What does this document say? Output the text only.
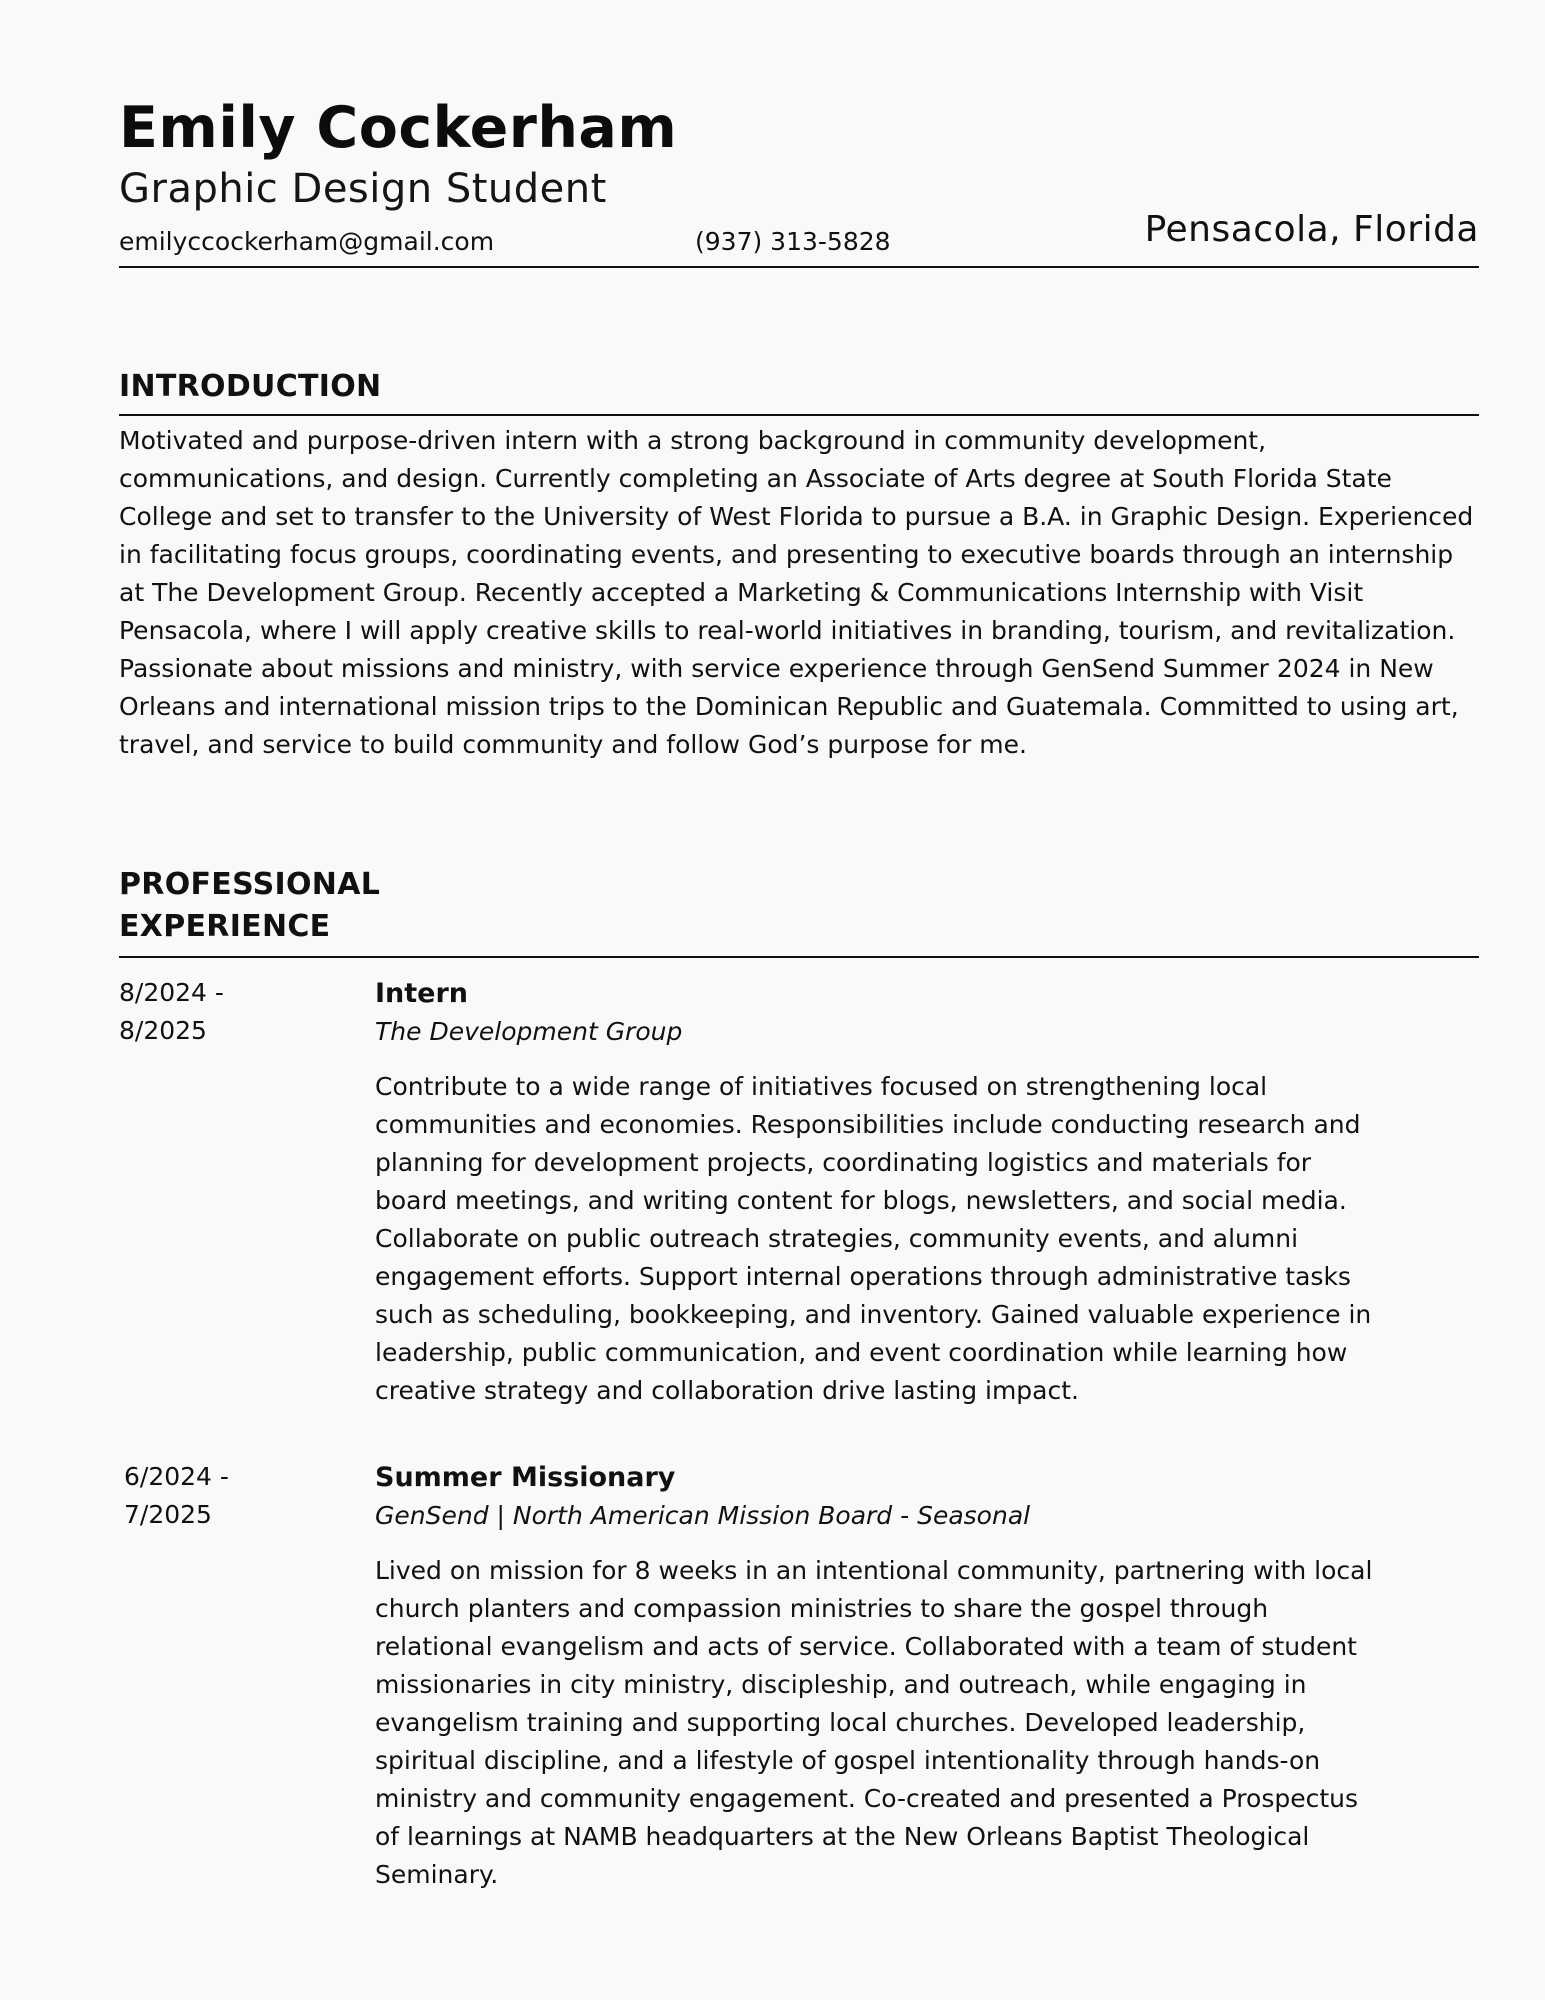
Emily Cockerham

Graphic Design Student

emilyccockerham@gmail.com	(937) 313-5828	Pensacola, Florida
INTRODUCTION

Motivated and purpose-driven intern with a strong background in community development, communications, and design. Currently completing an Associate of Arts degree at South Florida State College and set to transfer to the University of West Florida to pursue a B.A. in Graphic Design. Experienced in facilitating focus groups, coordinating events, and presenting to executive boards through an internship at The Development Group. Recently accepted a Marketing & Communications Internship with Visit Pensacola, where I will apply creative skills to real-world initiatives in branding, tourism, and revitalization. Passionate about missions and ministry, with service experience through GenSend Summer 2024 in New Orleans and international mission trips to the Dominican Republic and Guatemala. Committed to using art, travel, and service to build community and follow God’s purpose for me.

PROFESSIONAL
EXPERIENCE
8/2024 -
8/2025

Intern

The Development Group

Contribute to a wide range of initiatives focused on strengthening local communities and economies. Responsibilities include conducting research and planning for development projects, coordinating logistics and materials for board meetings, and writing content for blogs, newsletters, and social media. Collaborate on public outreach strategies, community events, and alumni engagement efforts. Support internal operations through administrative tasks such as scheduling, bookkeeping, and inventory. Gained valuable experience in leadership, public communication, and event coordination while learning how creative strategy and collaboration drive lasting impact.

6/2024 -
7/2025

Summer Missionary

GenSend | North American Mission Board - Seasonal

Lived on mission for 8 weeks in an intentional community, partnering with local church planters and compassion ministries to share the gospel through relational evangelism and acts of service. Collaborated with a team of student missionaries in city ministry, discipleship, and outreach, while engaging in evangelism training and supporting local churches. Developed leadership, spiritual discipline, and a lifestyle of gospel intentionality through hands-on ministry and community engagement. Co-created and presented a Prospectus of learnings at NAMB headquarters at the New Orleans Baptist Theological Seminary.
